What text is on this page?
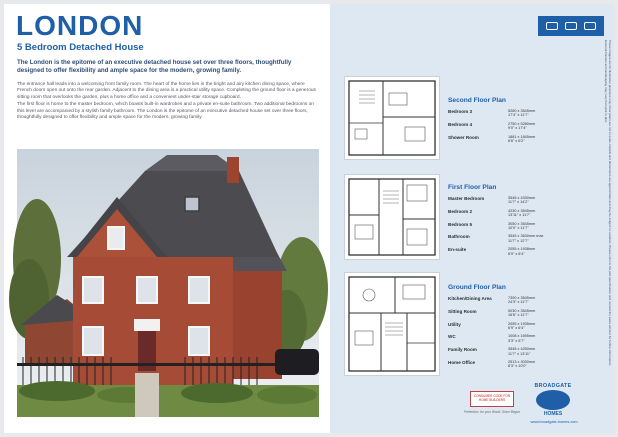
LONDON
5 Bedroom Detached House
The London is the epitome of an executive detached house set over three floors, thoughtfully designed to offer flexibility and ample space for the modern, growing family.

The entrance hall leads into a welcoming front family room. The heart of the home lies in the bright and airy kitchen dining space, where French doors open out onto the rear garden. Adjacent to the dining area is a practical utility space. Completing the ground floor is a generous sitting room that overlooks the garden, plus a home office and a convenient under-stair storage cupboard.

The first floor is home to the master bedroom, which boasts built-in wardrobes and a private en-suite bathroom. Two additional bedrooms on this level are accompanied by a stylish family bathroom. The London is the epitome of an executive detached house set over three floors, thoughtfully designed to offer flexibility and ample space for the modern, growing family.

Second Floor Plan
Bedroom 3	5280 x 3545mm
17'4" x 11'7"
Bedroom 4	2750 x 5280mm
9'0" x 17'4"
Shower Room	1881 x 1845mm
6'6" x 6'2"
First Floor Plan
Master Bedroom	3545 x 4330mm
11'7" x 14'2"
Bedroom 2	4230 x 3545mm
13'11" x 11'7"
Bedroom 5	3050 x 3545mm
10'0" x 11'7"
Bathroom	3545 x 3630mm max
11'7" x 12'7"
En-suite	2055 x 1938mm
6'9" x 6'4"
Ground Floor Plan
Kitchen/Dining Area	7390 x 3545mm
24'3" x 11'7"
Sitting Room	5030 x 3545mm
16'6" x 11'7"
Utility	2055 x 1935mm
6'9" x 6'4"
WC	1008 x 1695mm
3'3" x 5'7"
Family Room	3545 x 4250mm
11'7" x 13'11"
Home Office	2513 x 3030mm
8'3" x 10'0"
These images are for illustrative purposes only. Floor plans are not to scale. Details and dimensions are approximate and may be subject to variation. Please refer to the plot specification and consult the sales advisor for further information. External finishes and landscaping may vary from plot to plot.
CONSUMER CODE FOR HOME BUILDERS
Perfection, for your World, Since Begun
BROADGATE
HOMES
www.broadgate-homes.com
